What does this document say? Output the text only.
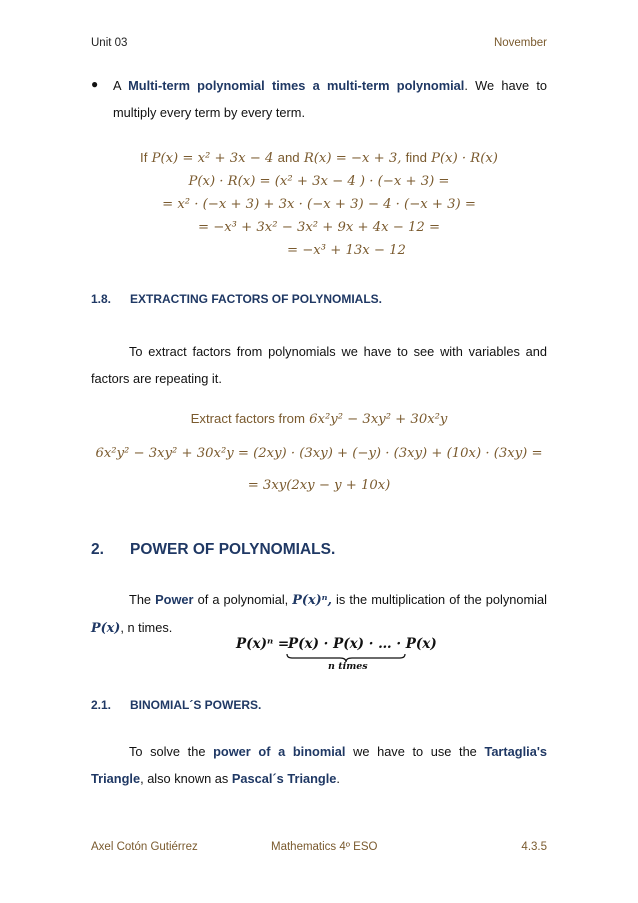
Unit 03	November
● A Multi-term polynomial times a multi-term polynomial. We have to multiply every term by every term.
If P(x) = x² + 3x − 4 and R(x) = −x + 3, find P(x) · R(x)
P(x) · R(x) = (x² + 3x − 4 ) · (−x + 3) =
= x² · (−x + 3) + 3x · (−x + 3) − 4 · (−x + 3) =
= −x³ + 3x² − 3x² + 9x + 4x − 12 =
= −x³ + 13x − 12
1.8. EXTRACTING FACTORS OF POLYNOMIALS.
To extract factors from polynomials we have to see with variables and factors are repeating it.
Extract factors from 6x²y² − 3xy² + 30x²y
6x²y² − 3xy² + 30x²y = (2xy) · (3xy) + (−y) · (3xy) + (10x) · (3xy) =
= 3xy(2xy − y + 10x)
2. POWER OF POLYNOMIALS.
The Power of a polynomial, P(x)ⁿ, is the multiplication of the polynomial P(x), n times.
P(x)ⁿ =
P(x) · P(x) · … · P(x)
n times
2.1. BINOMIAL´S POWERS.
To solve the power of a binomial we have to use the Tartaglia's Triangle, also known as Pascal´s Triangle.
Axel Cotón Gutiérrez	Mathematics 4º ESO	4.3.5
